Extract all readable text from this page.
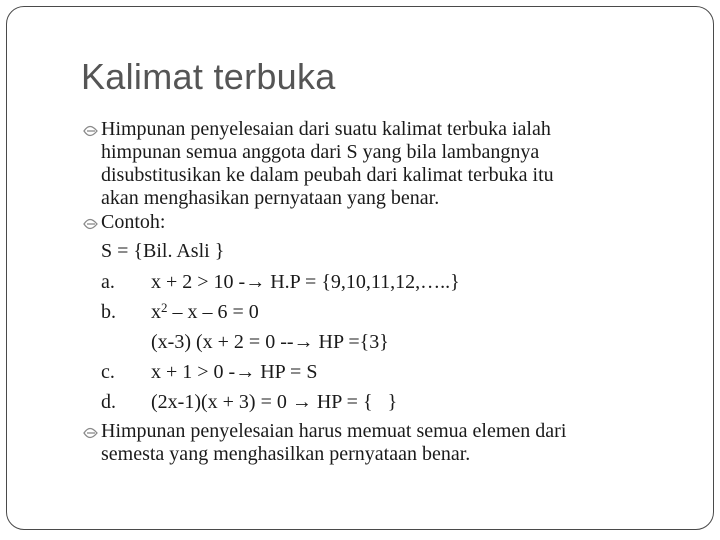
Kalimat terbuka
Himpunan penyelesaian dari suatu kalimat terbuka ialah
himpunan semua anggota dari S yang bila lambangnya
disubstitusikan ke dalam peubah dari kalimat terbuka itu
akan menghasikan pernyataan yang benar.
Contoh:
S = {Bil. Asli }
a. x + 2 > 10 -→ H.P = {9,10,11,12,…..}
b. $x^2 - x - 6 = 0$
(x-3) (x + 2 = 0 --→ HP ={3}
c. x + 1 > 0 -→ HP = S
d. (2x-1)(x + 3) = 0 → HP = {   }
Himpunan penyelesaian harus memuat semua elemen dari
semesta yang menghasilkan pernyataan benar.
